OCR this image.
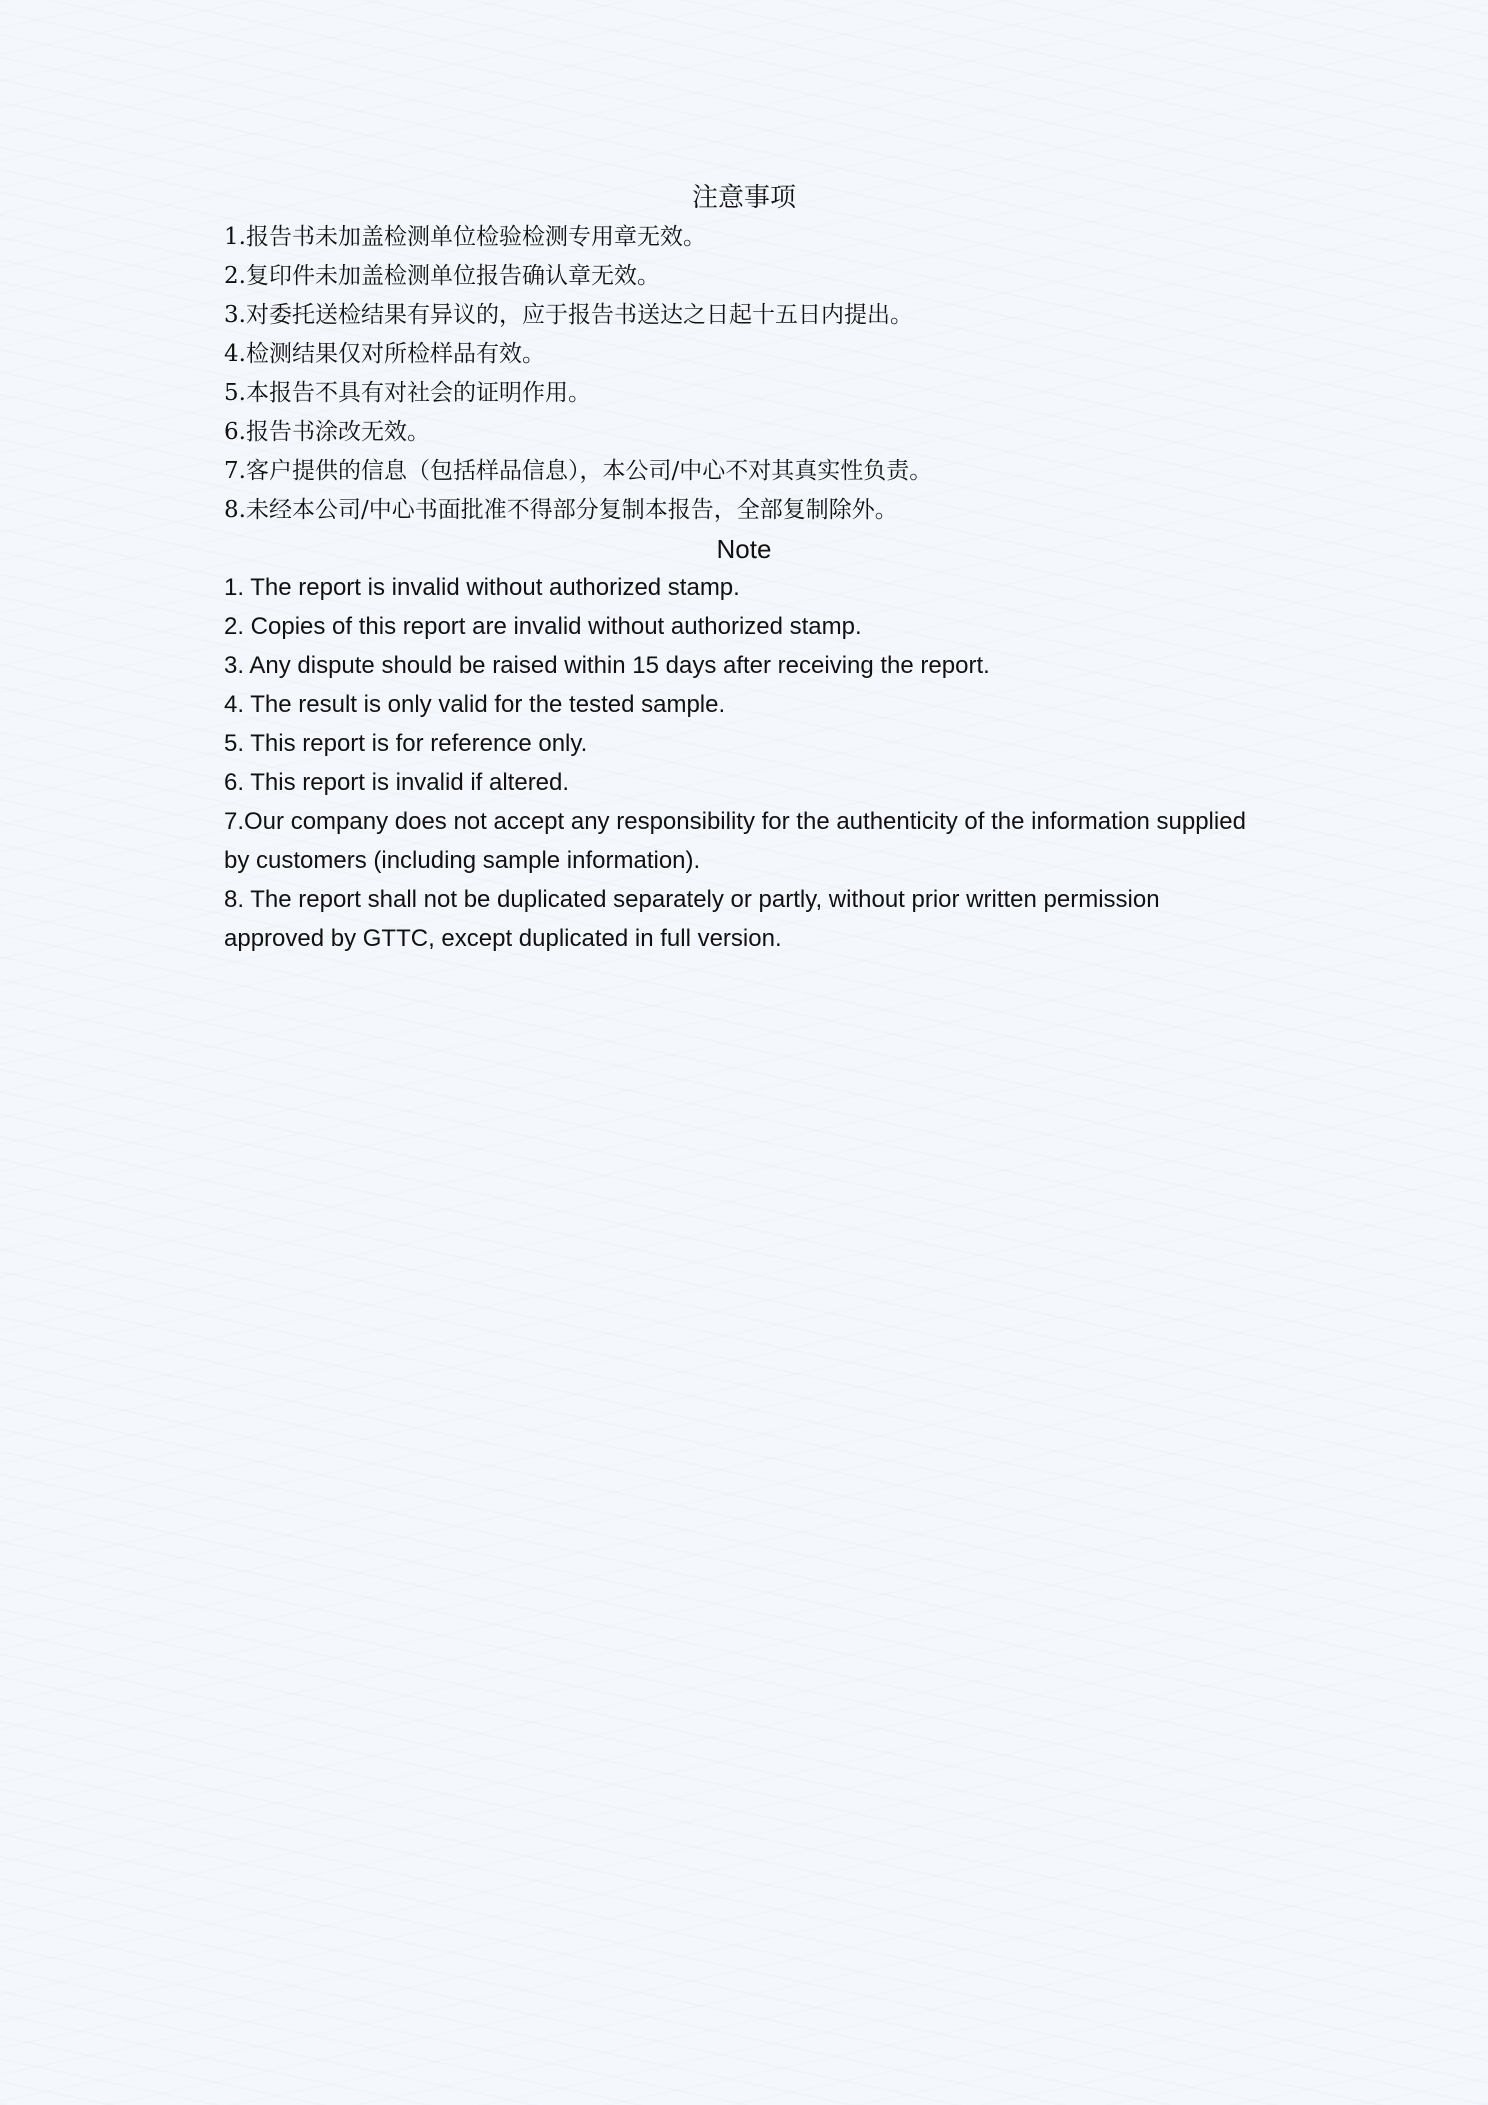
注意事项
1.报告书未加盖检测单位检验检测专用章无效。
2.复印件未加盖检测单位报告确认章无效。
3.对委托送检结果有异议的，应于报告书送达之日起十五日内提出。
4.检测结果仅对所检样品有效。
5.本报告不具有对社会的证明作用。
6.报告书涂改无效。
7.客户提供的信息（包括样品信息），本公司/中心不对其真实性负责。
8.未经本公司/中心书面批准不得部分复制本报告，全部复制除外。
Note
1. The report is invalid without authorized stamp.
2. Copies of this report are invalid without authorized stamp.
3. Any dispute should be raised within 15 days after receiving the report.
4. The result is only valid for the tested sample.
5. This report is for reference only.
6. This report is invalid if altered.
7.Our company does not accept any responsibility for the authenticity of the information supplied by customers (including sample information).
8. The report shall not be duplicated separately or partly, without prior written permission approved by GTTC, except duplicated in full version.
